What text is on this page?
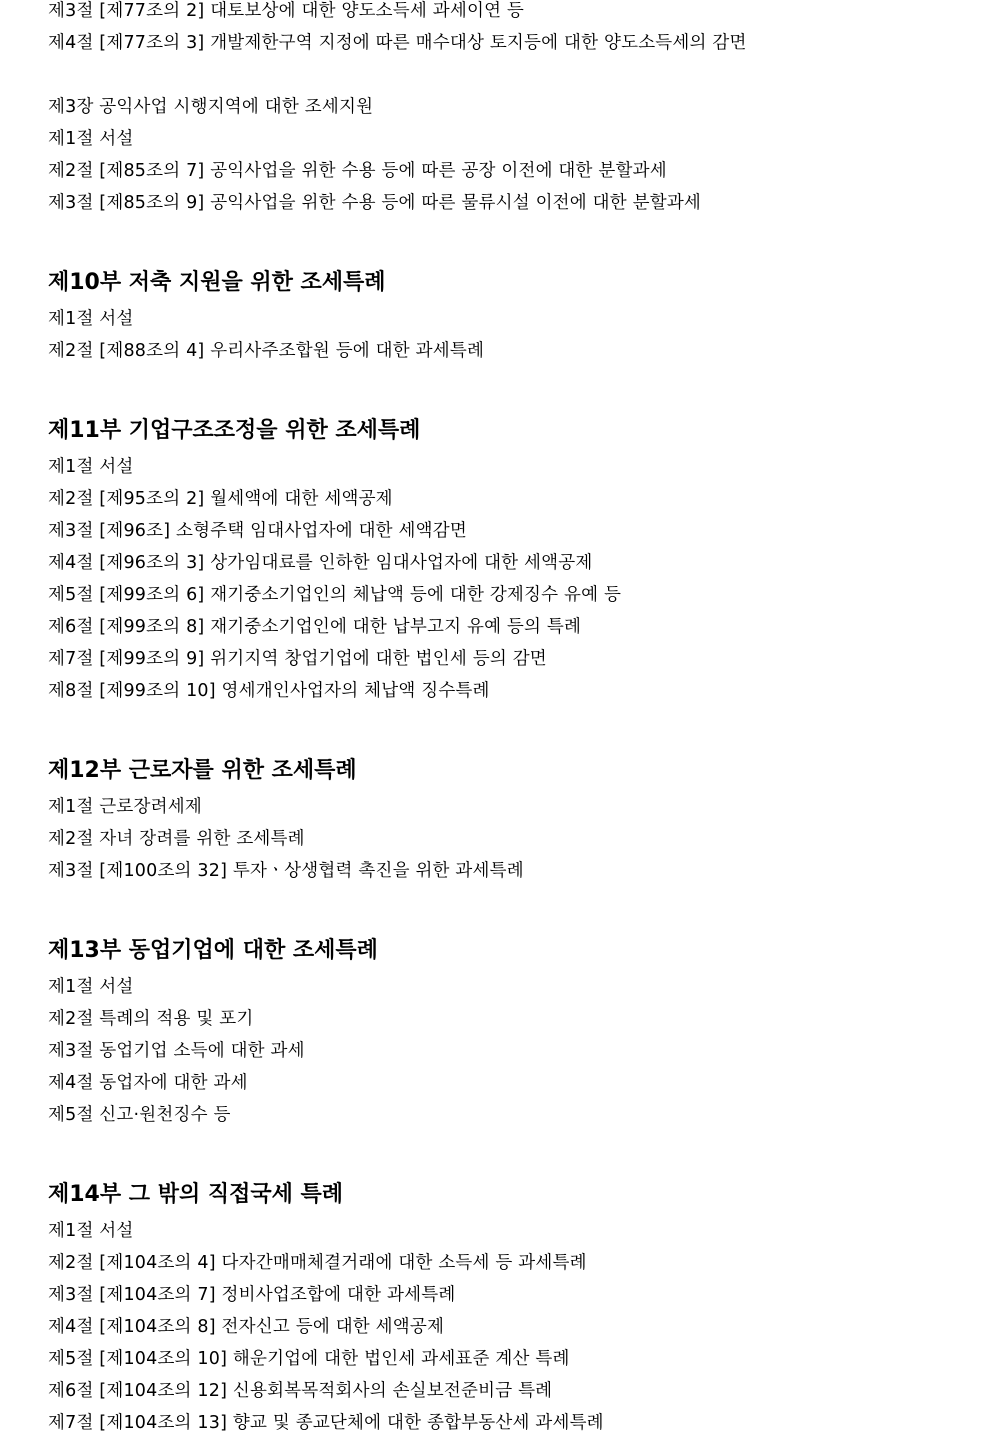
제3절 [제77조의 2] 대토보상에 대한 양도소득세 과세이연 등
제4절 [제77조의 3] 개발제한구역 지정에 따른 매수대상 토지등에 대한 양도소득세의 감면
제3장 공익사업 시행지역에 대한 조세지원
제1절 서설
제2절 [제85조의 7] 공익사업을 위한 수용 등에 따른 공장 이전에 대한 분할과세
제3절 [제85조의 9] 공익사업을 위한 수용 등에 따른 물류시설 이전에 대한 분할과세
제10부 저축 지원을 위한 조세특례
제1절 서설
제2절 [제88조의 4] 우리사주조합원 등에 대한 과세특례
제11부 기업구조조정을 위한 조세특례
제1절 서설
제2절 [제95조의 2] 월세액에 대한 세액공제
제3절 [제96조] 소형주택 임대사업자에 대한 세액감면
제4절 [제96조의 3] 상가임대료를 인하한 임대사업자에 대한 세액공제
제5절 [제99조의 6] 재기중소기업인의 체납액 등에 대한 강제징수 유예 등
제6절 [제99조의 8] 재기중소기업인에 대한 납부고지 유예 등의 특례
제7절 [제99조의 9] 위기지역 창업기업에 대한 법인세 등의 감면
제8절 [제99조의 10] 영세개인사업자의 체납액 징수특례
제12부 근로자를 위한 조세특례
제1절 근로장려세제
제2절 자녀 장려를 위한 조세특례
제3절 [제100조의 32] 투자ㆍ상생협력 촉진을 위한 과세특례
제13부 동업기업에 대한 조세특례
제1절 서설
제2절 특례의 적용 및 포기
제3절 동업기업 소득에 대한 과세
제4절 동업자에 대한 과세
제5절 신고·원천징수 등
제14부 그 밖의 직접국세 특례
제1절 서설
제2절 [제104조의 4] 다자간매매체결거래에 대한 소득세 등 과세특례
제3절 [제104조의 7] 정비사업조합에 대한 과세특례
제4절 [제104조의 8] 전자신고 등에 대한 세액공제
제5절 [제104조의 10] 해운기업에 대한 법인세 과세표준 계산 특례
제6절 [제104조의 12] 신용회복목적회사의 손실보전준비금 특례
제7절 [제104조의 13] 향교 및 종교단체에 대한 종합부동산세 과세특례
